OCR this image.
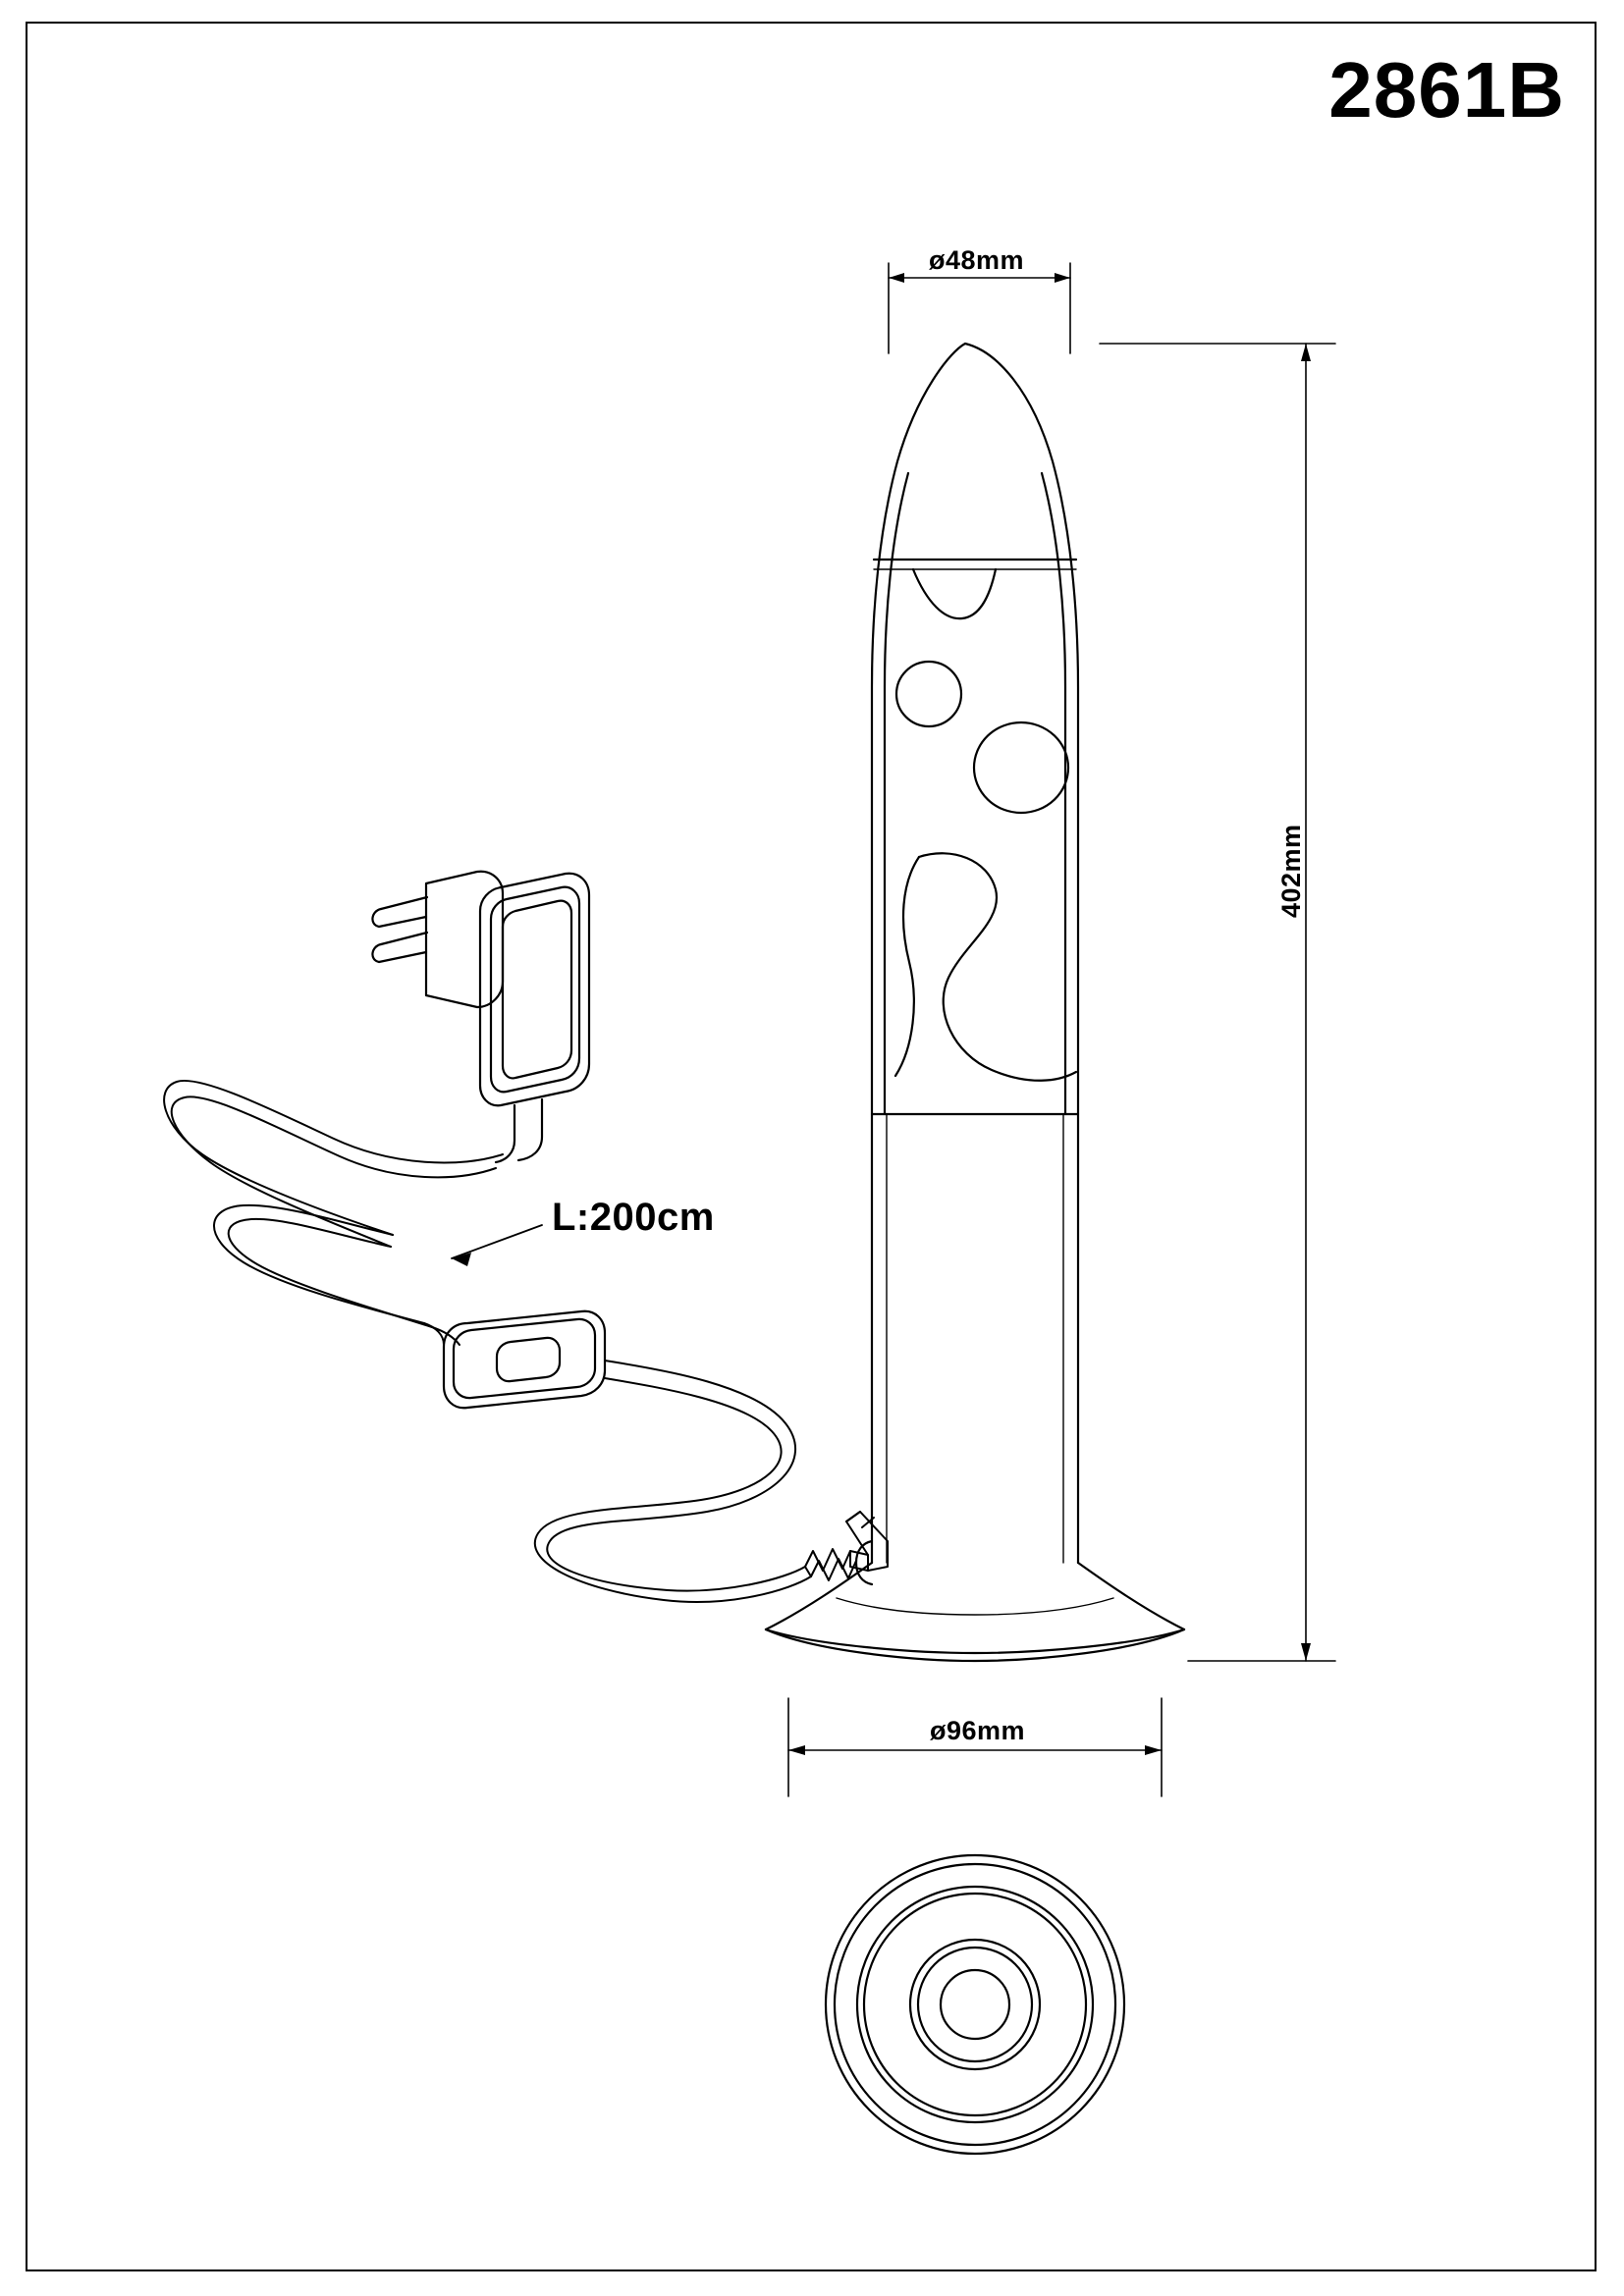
2861B
ø48mm
ø96mm
402mm
L:200cm
